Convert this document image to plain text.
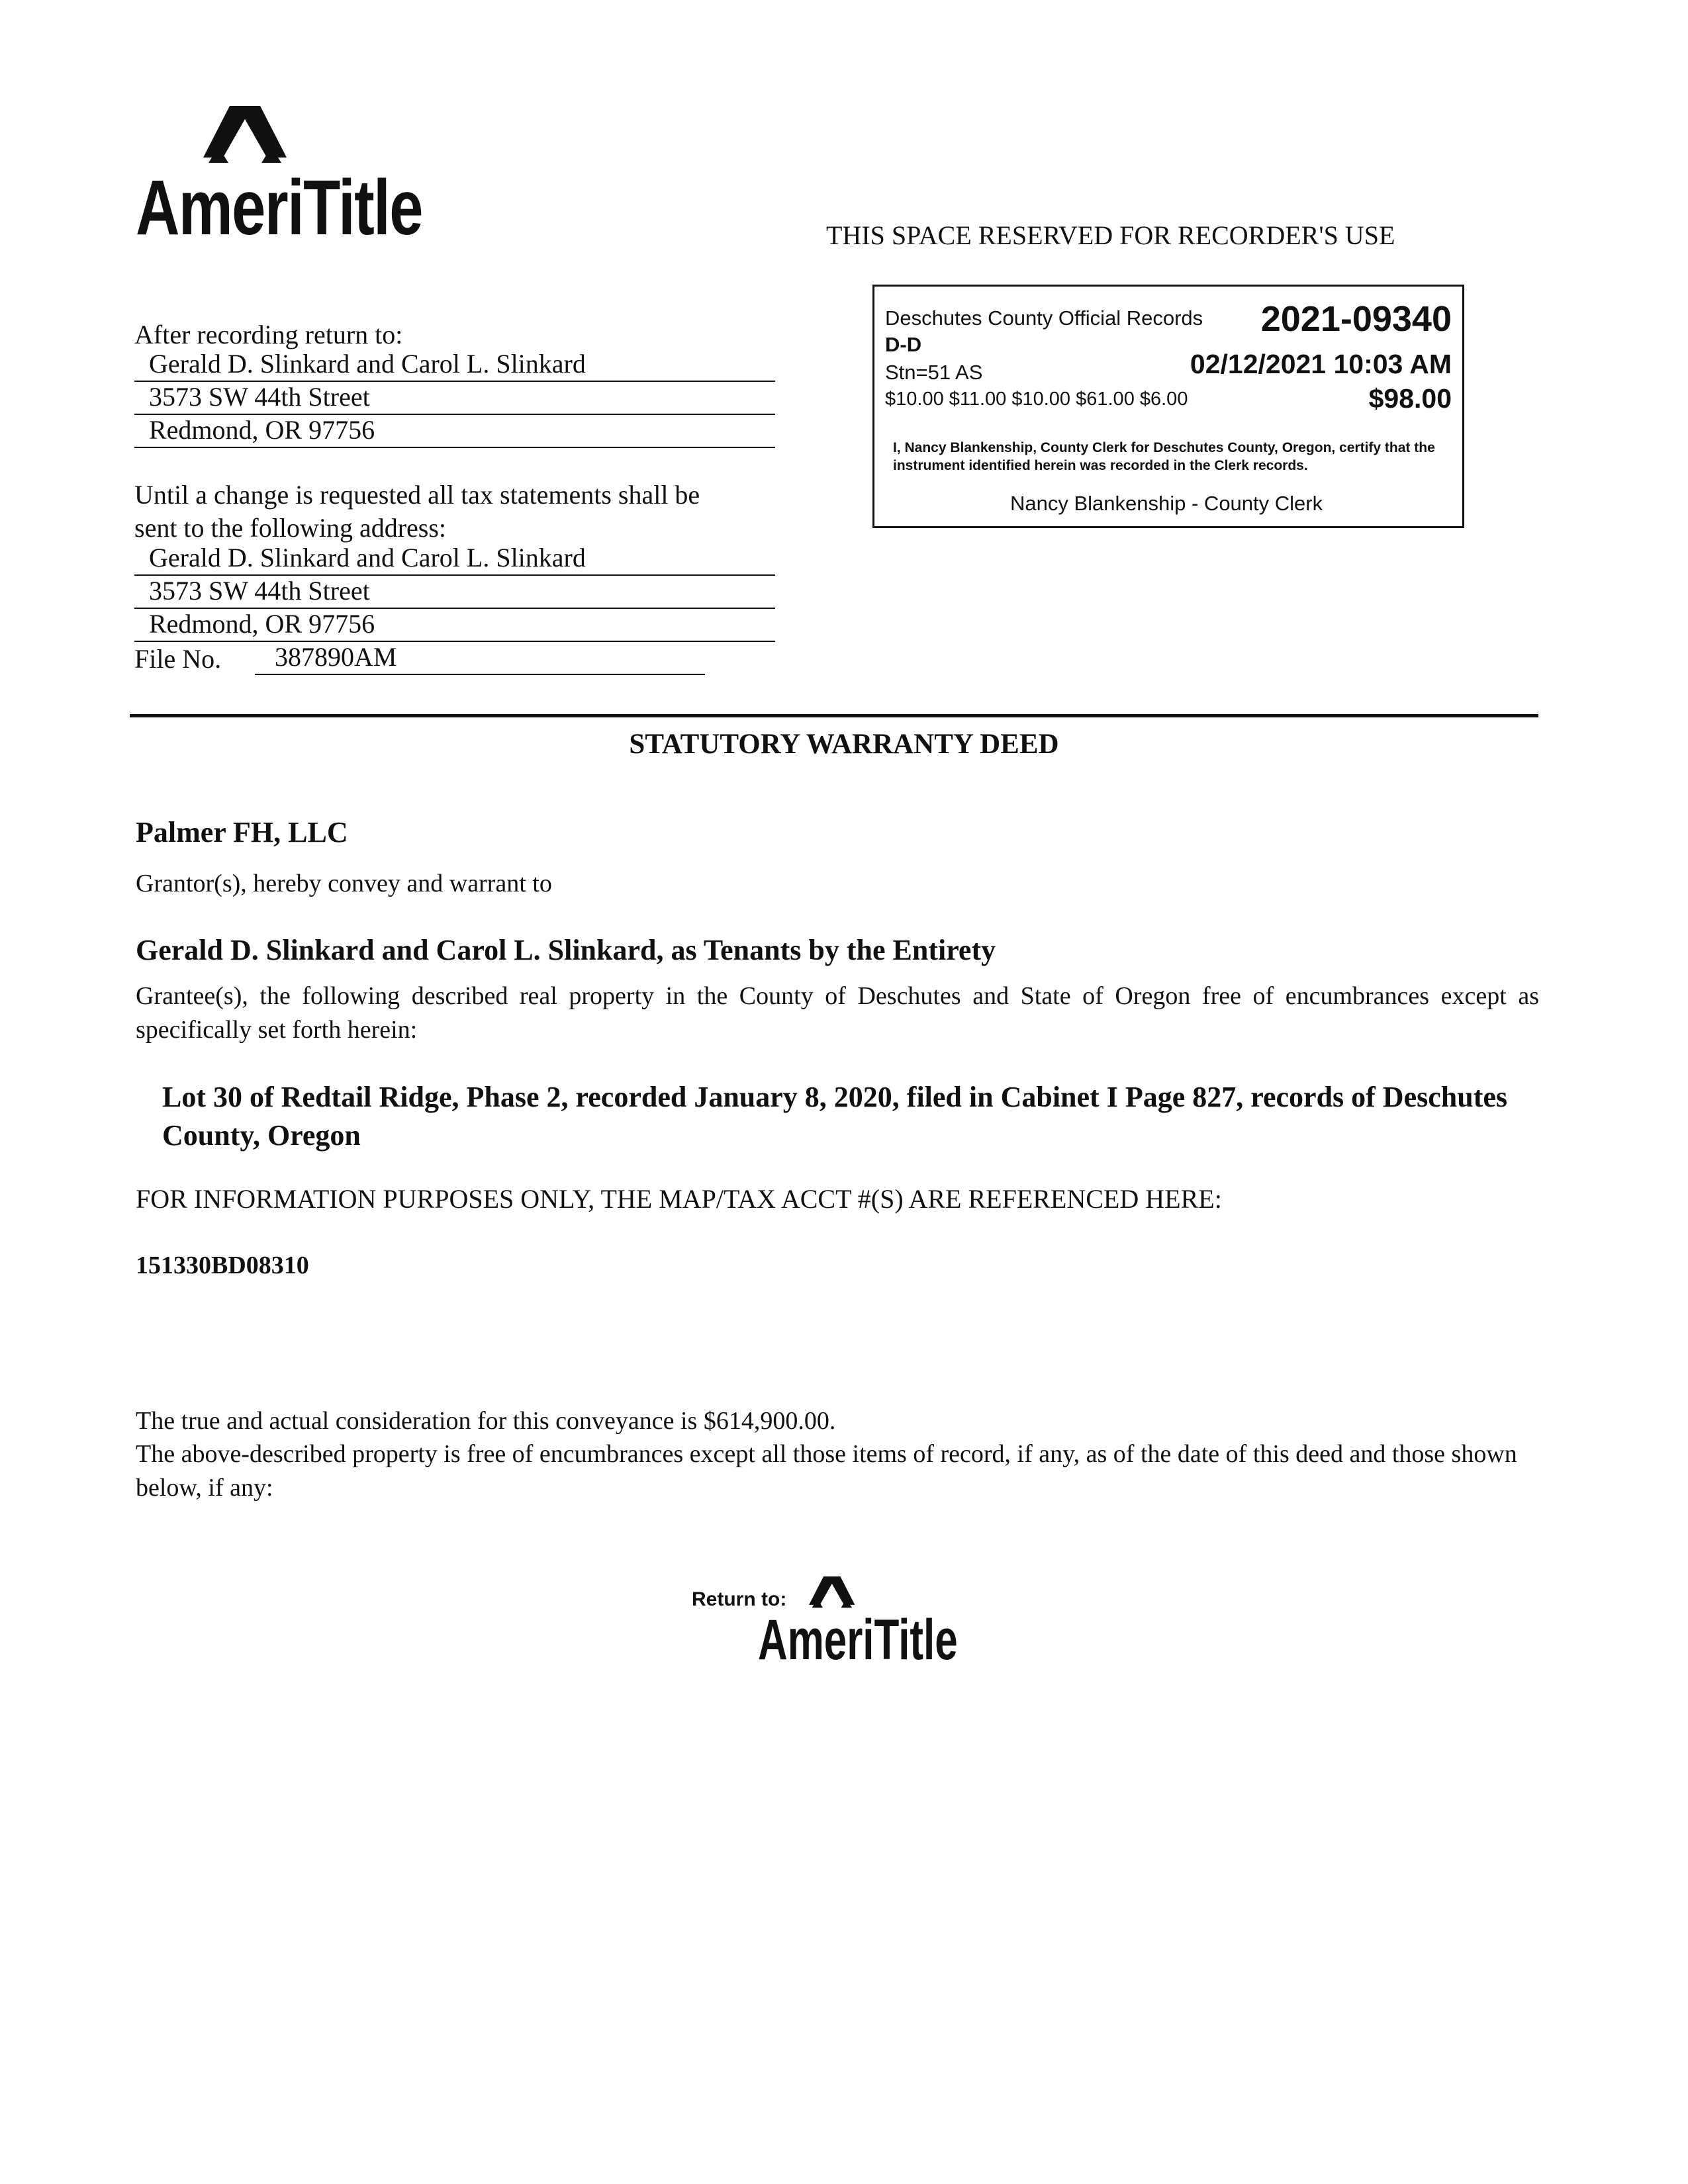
AmeriTitle	THIS SPACE RESERVED FOR RECORDER'S USE
Deschutes County Official Records 2021-09340
D-D
Stn=51 AS	02/12/2021 10:03 AM
$10.00 $11.00 $10.00 $61.00 $6.00	$98.00
I, Nancy Blankenship, County Clerk for Deschutes County, Oregon, certify that the instrument identified herein was recorded in the Clerk records.
Nancy Blankenship - County Clerk
After recording return to:
Gerald D. Slinkard and Carol L. Slinkard
3573 SW 44th Street
Redmond, OR 97756
Until a change is requested all tax statements shall be
sent to the following address:
Gerald D. Slinkard and Carol L. Slinkard
3573 SW 44th Street
Redmond, OR 97756
File No.	387890AM
STATUTORY WARRANTY DEED
Palmer FH, LLC
Grantor(s), hereby convey and warrant to
Gerald D. Slinkard and Carol L. Slinkard, as Tenants by the Entirety
Grantee(s), the following described real property in the County of Deschutes and State of Oregon free of encumbrances except as specifically set forth herein:
Lot 30 of Redtail Ridge, Phase 2, recorded January 8, 2020, filed in Cabinet I Page 827, records of Deschutes
County, Oregon
FOR INFORMATION PURPOSES ONLY, THE MAP/TAX ACCT #(S) ARE REFERENCED HERE:
151330BD08310
The true and actual consideration for this conveyance is $614,900.00.
The above-described property is free of encumbrances except all those items of record, if any, as of the date of this deed and those shown below, if any:
Return to:
AmeriTitle
